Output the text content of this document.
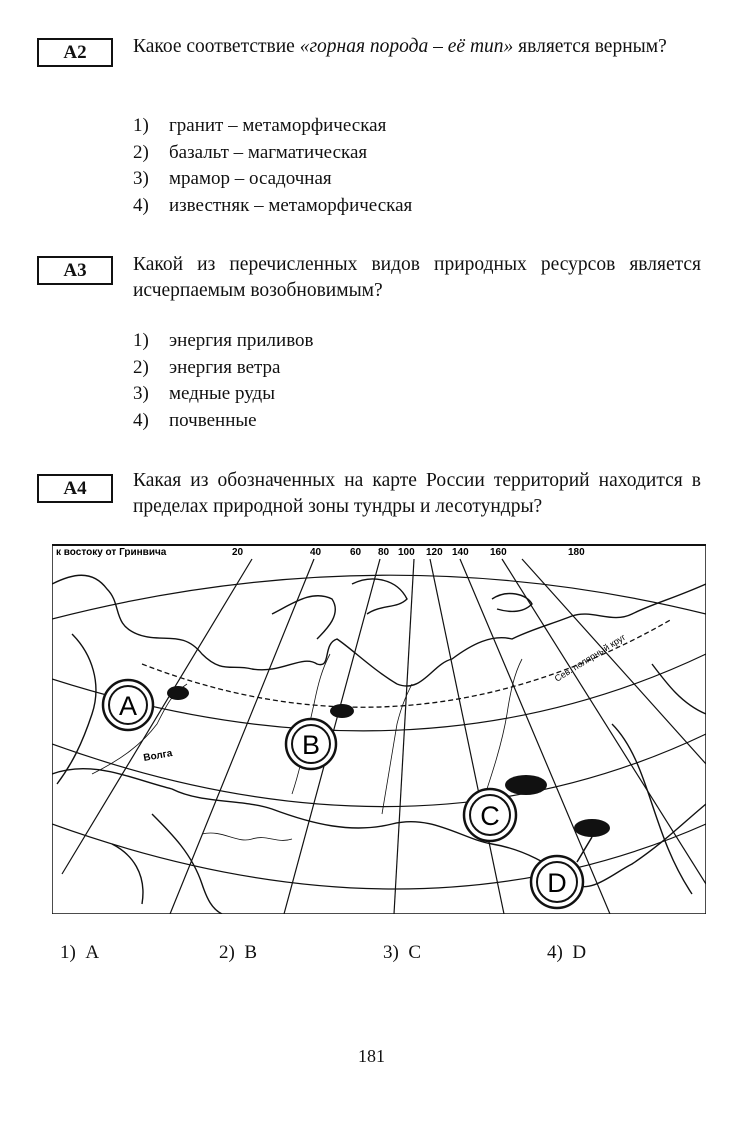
A2	Какое соответствие «горная порода – её тип» является верным?
1) гранит – метаморфическая
2) базальт – магматическая
3) мрамор – осадочная
4) известняк – метаморфическая
A3	Какой из перечисленных видов природных ресурсов является исчерпаемым возобновимым?
1) энергия приливов
2) энергия ветра
3) медные руды
4) почвенные
A4	Какая из обозначенных на карте России территорий находится в пределах природной зоны тундры и лесотундры?
к востоку от Гринвича	20	40	60 80 100 120 140 160	180
Сев. полярный круг
Волга
A
B
C
D
1) A	2) B	3) C	4) D
181
